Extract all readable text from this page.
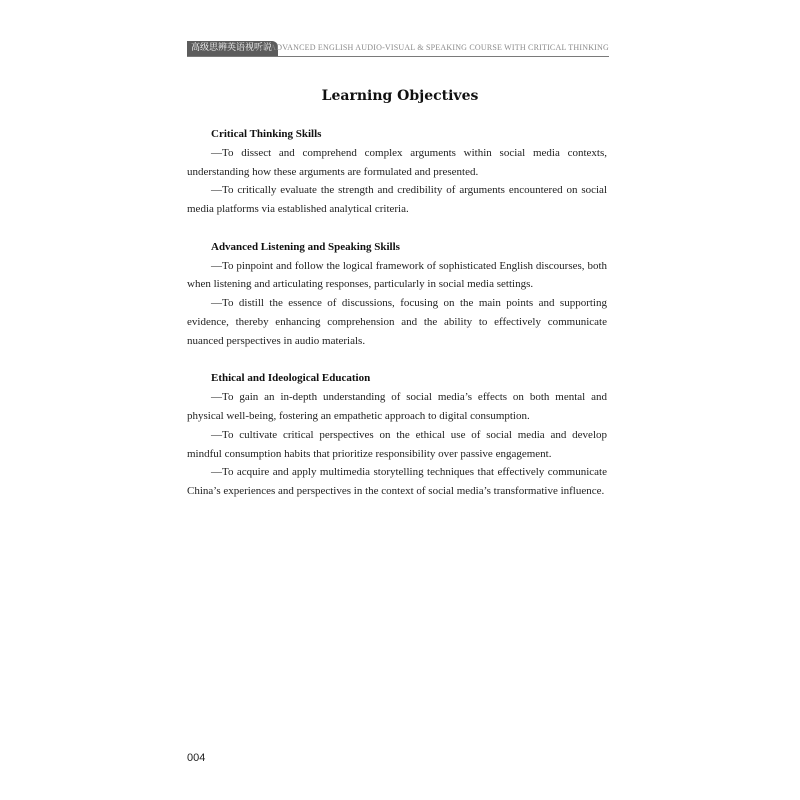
高级思辨英语视听说
AN ADVANCED ENGLISH AUDIO-VISUAL & SPEAKING COURSE WITH CRITICAL THINKING
Learning Objectives
Critical Thinking Skills

—To dissect and comprehend complex arguments within social media contexts, understanding how these arguments are formulated and presented.

—To critically evaluate the strength and credibility of arguments encountered on social media platforms via established analytical criteria.

Advanced Listening and Speaking Skills

—To pinpoint and follow the logical framework of sophisticated English discourses, both when listening and articulating responses, particularly in social media settings.

—To distill the essence of discussions, focusing on the main points and supporting evidence, thereby enhancing comprehension and the ability to effectively communicate nuanced perspectives in audio materials.

Ethical and Ideological Education

—To gain an in-depth understanding of social media’s effects on both mental and physical well-being, fostering an empathetic approach to digital consumption.

—To cultivate critical perspectives on the ethical use of social media and develop mindful consumption habits that prioritize responsibility over passive engagement.

—To acquire and apply multimedia storytelling techniques that effectively communicate China’s experiences and perspectives in the context of social media’s transformative influence.

004
